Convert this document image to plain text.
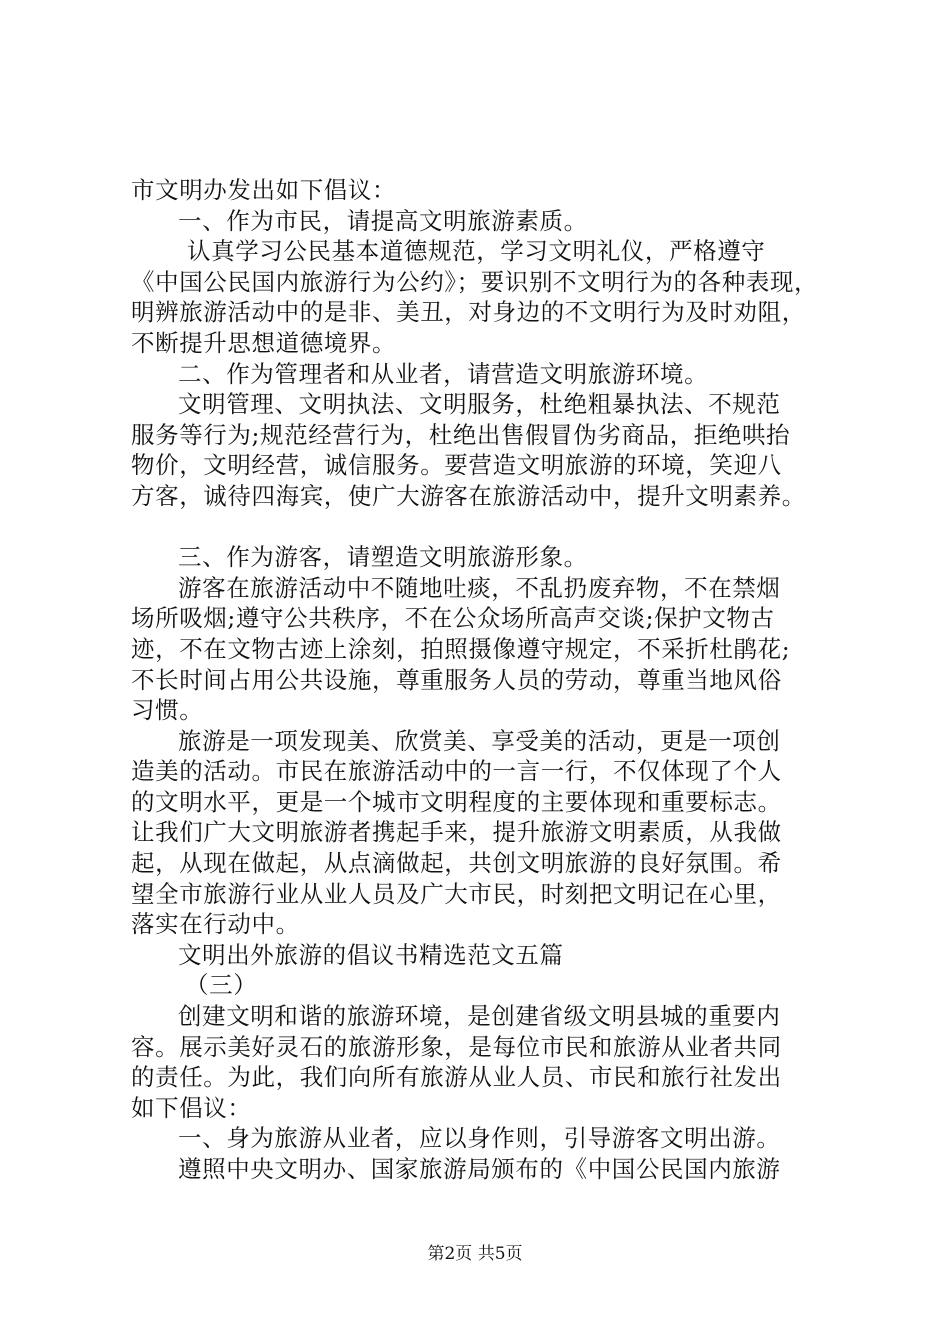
市文明办发出如下倡议：
一、作为市民，请提高文明旅游素质。
认真学习公民基本道德规范，学习文明礼仪，严格遵守
《中国公民国内旅游行为公约》；要识别不文明行为的各种表现，
明辨旅游活动中的是非、美丑，对身边的不文明行为及时劝阻，
不断提升思想道德境界。
二、作为管理者和从业者，请营造文明旅游环境。
文明管理、文明执法、文明服务，杜绝粗暴执法、不规范
服务等行为;规范经营行为，杜绝出售假冒伪劣商品，拒绝哄抬
物价，文明经营，诚信服务。要营造文明旅游的环境，笑迎八
方客，诚待四海宾，使广大游客在旅游活动中，提升文明素养。
三、作为游客，请塑造文明旅游形象。
游客在旅游活动中不随地吐痰，不乱扔废弃物，不在禁烟
场所吸烟;遵守公共秩序，不在公众场所高声交谈;保护文物古
迹，不在文物古迹上涂刻，拍照摄像遵守规定，不采折杜鹃花;
不长时间占用公共设施，尊重服务人员的劳动，尊重当地风俗
习惯。
旅游是一项发现美、欣赏美、享受美的活动，更是一项创
造美的活动。市民在旅游活动中的一言一行，不仅体现了个人
的文明水平，更是一个城市文明程度的主要体现和重要标志。
让我们广大文明旅游者携起手来，提升旅游文明素质，从我做
起，从现在做起，从点滴做起，共创文明旅游的良好氛围。希
望全市旅游行业从业人员及广大市民，时刻把文明记在心里，
落实在行动中。
文明出外旅游的倡议书精选范文五篇
（三）
创建文明和谐的旅游环境，是创建省级文明县城的重要内
容。展示美好灵石的旅游形象，是每位市民和旅游从业者共同
的责任。为此，我们向所有旅游从业人员、市民和旅行社发出
如下倡议：
一、身为旅游从业者，应以身作则，引导游客文明出游。
遵照中央文明办、国家旅游局颁布的《中国公民国内旅游
第2页 共5页
